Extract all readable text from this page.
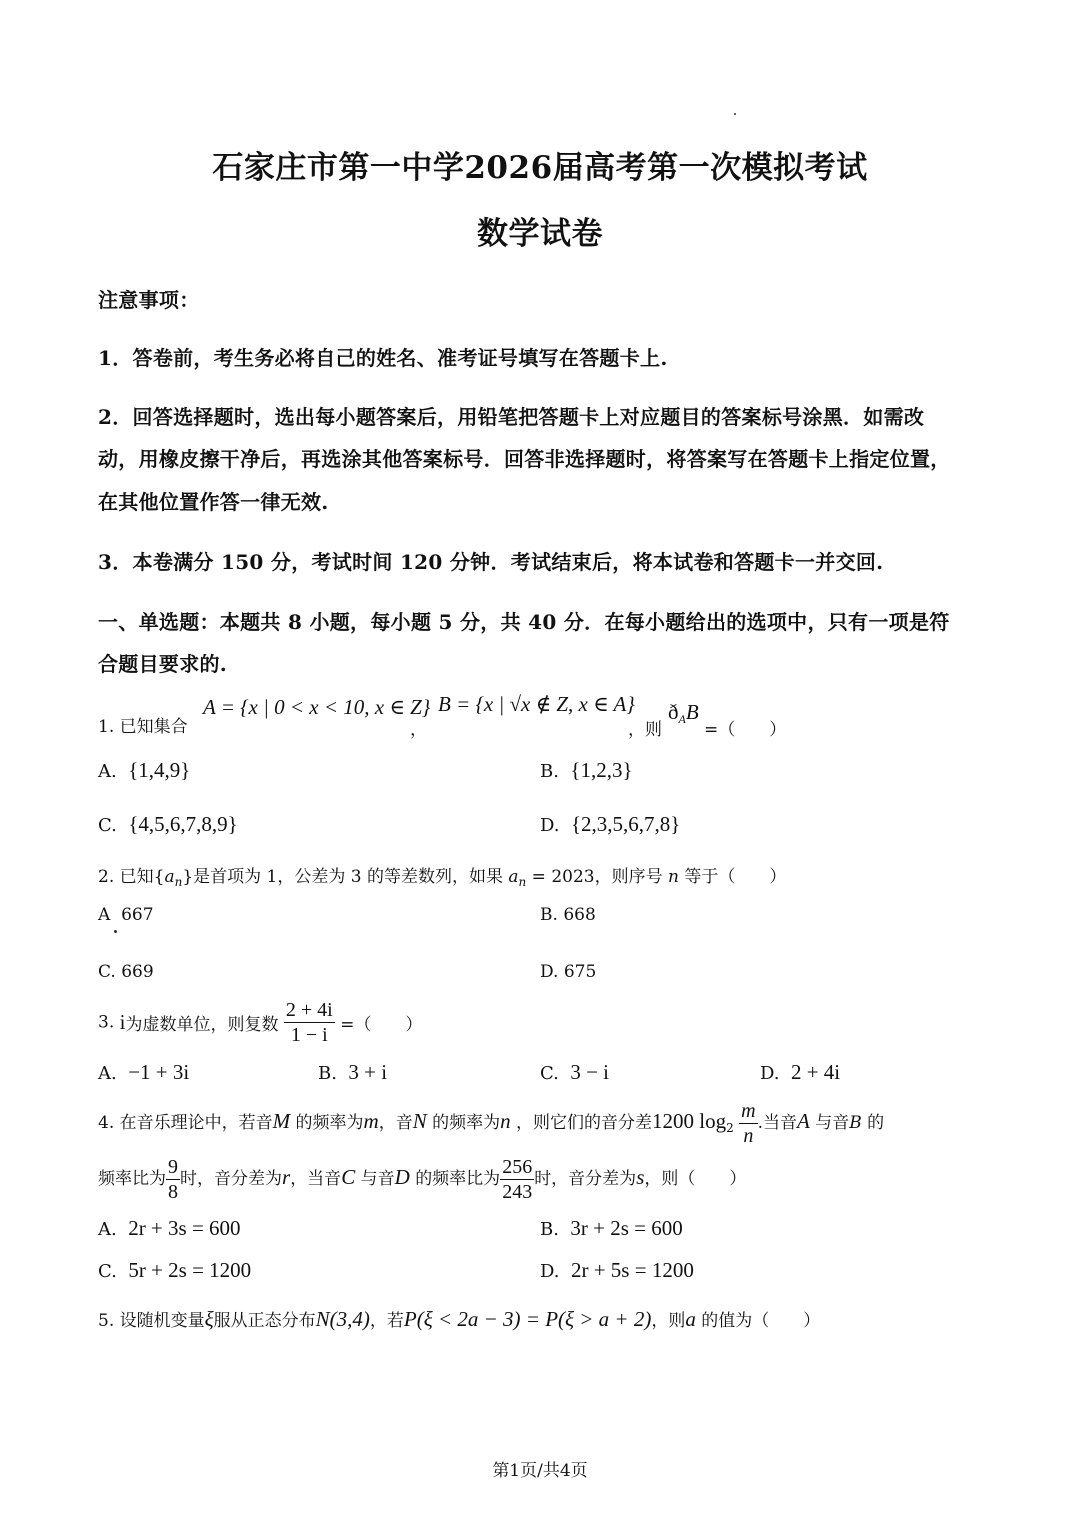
石家庄市第一中学2026届高考第一次模拟考试
数学试卷
注意事项：
1．答卷前，考生务必将自己的姓名、准考证号填写在答题卡上.
2．回答选择题时，选出每小题答案后，用铅笔把答题卡上对应题目的答案标号涂黑．如需改
动，用橡皮擦干净后，再选涂其他答案标号．回答非选择题时，将答案写在答题卡上指定位置，
在其他位置作答一律无效.
3．本卷满分 150 分，考试时间 120 分钟．考试结束后，将本试卷和答题卡一并交回.
一、单选题：本题共 8 小题，每小题 5 分，共 40 分．在每小题给出的选项中，只有一项是符
合题目要求的.
1. 已知集合
A = {x | 0 < x < 10, x ∈ Z}
，
B = {x | √x ∉ Z, x ∈ A}
，则
$ð_AB$
=（　　）
A. {1,4,9}	B. {1,2,3}
C. {4,5,6,7,8,9}	D. {2,3,5,6,7,8}
2. 已知$\{a_n\}$是首项为 1，公差为 3 的等差数列，如果 $a_n = 2023$，则序号 n 等于（　　）
A 667	B. 668
C. 669	D. 675
3. i为虚数单位，则复数 $\frac{2 + 4i}{1 - i}$ =（　　）
A. −1 + 3i	B. 3 + i	C. 3 − i	D. 2 + 4i
4. 在音乐理论中，若音M 的频率为m，音N 的频率为n ，则它们的音分差1200 $\log_2 \frac{m}{n}$ .当音A 与音B 的
频率比为 $\frac{9}{8}$ 时，音分差为r，当音C 与音D 的频率比为 $\frac{256}{243}$ 时，音分差为s，则（　　）
A. 2r + 3s = 600	B. 3r + 2s = 600
C. 5r + 2s = 1200	D. 2r + 5s = 1200
5. 设随机变量ξ服从正态分布N(3,4)，若P(ξ < 2a − 3) = P(ξ > a + 2)，则a 的值为（　　）
第1页/共4页
